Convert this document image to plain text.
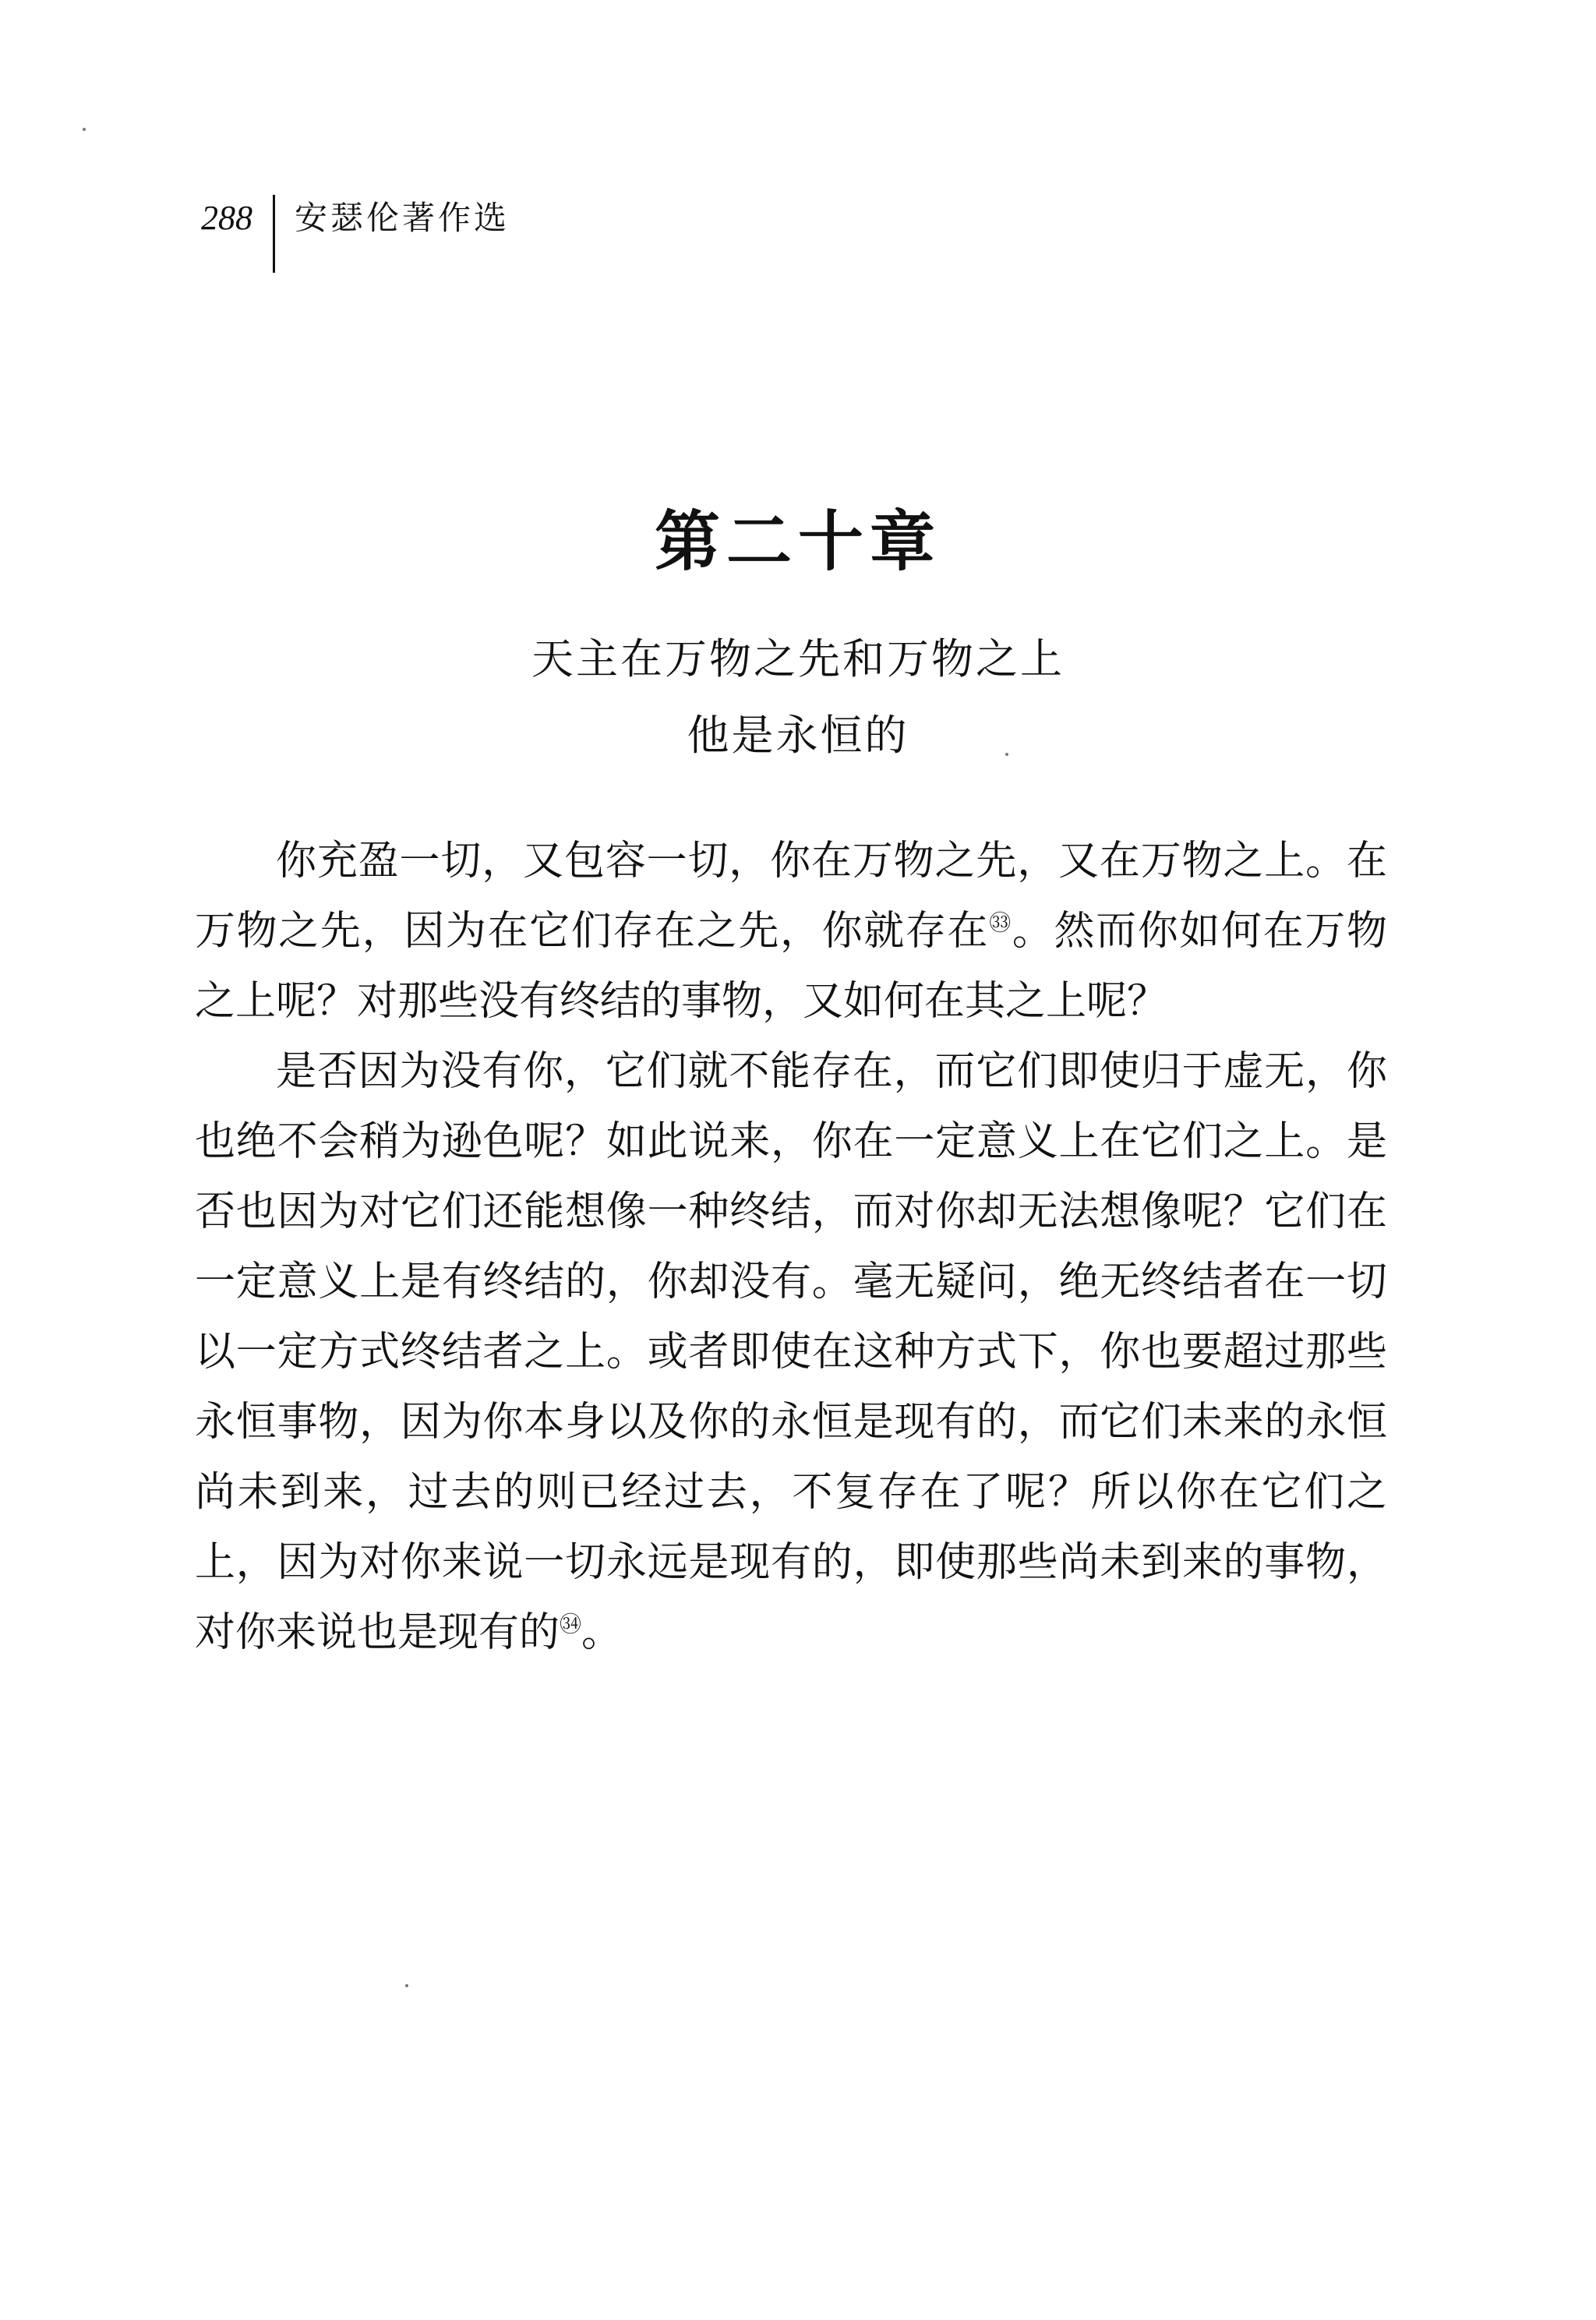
288 安瑟伦著作选
第二十章
天主在万物之先和万物之上
他是永恒的

你充盈一切，又包容一切，你在万物之先，又在万物之上。在万物之先，因为在它们存在之先，你就存在$^㉝$。然而你如何在万物之上呢？对那些没有终结的事物，又如何在其之上呢？

是否因为没有你，它们就不能存在，而它们即使归于虚无，你也绝不会稍为逊色呢？如此说来，你在一定意义上在它们之上。是否也因为对它们还能想像一种终结，而对你却无法想像呢？它们在一定意义上是有终结的，你却没有。毫无疑问，绝无终结者在一切以一定方式终结者之上。或者即使在这种方式下，你也要超过那些永恒事物，因为你本身以及你的永恒是现有的，而它们未来的永恒尚未到来，过去的则已经过去，不复存在了呢？所以你在它们之上，因为对你来说一切永远是现有的，即使那些尚未到来的事物，对你来说也是现有的$^㉞$。
